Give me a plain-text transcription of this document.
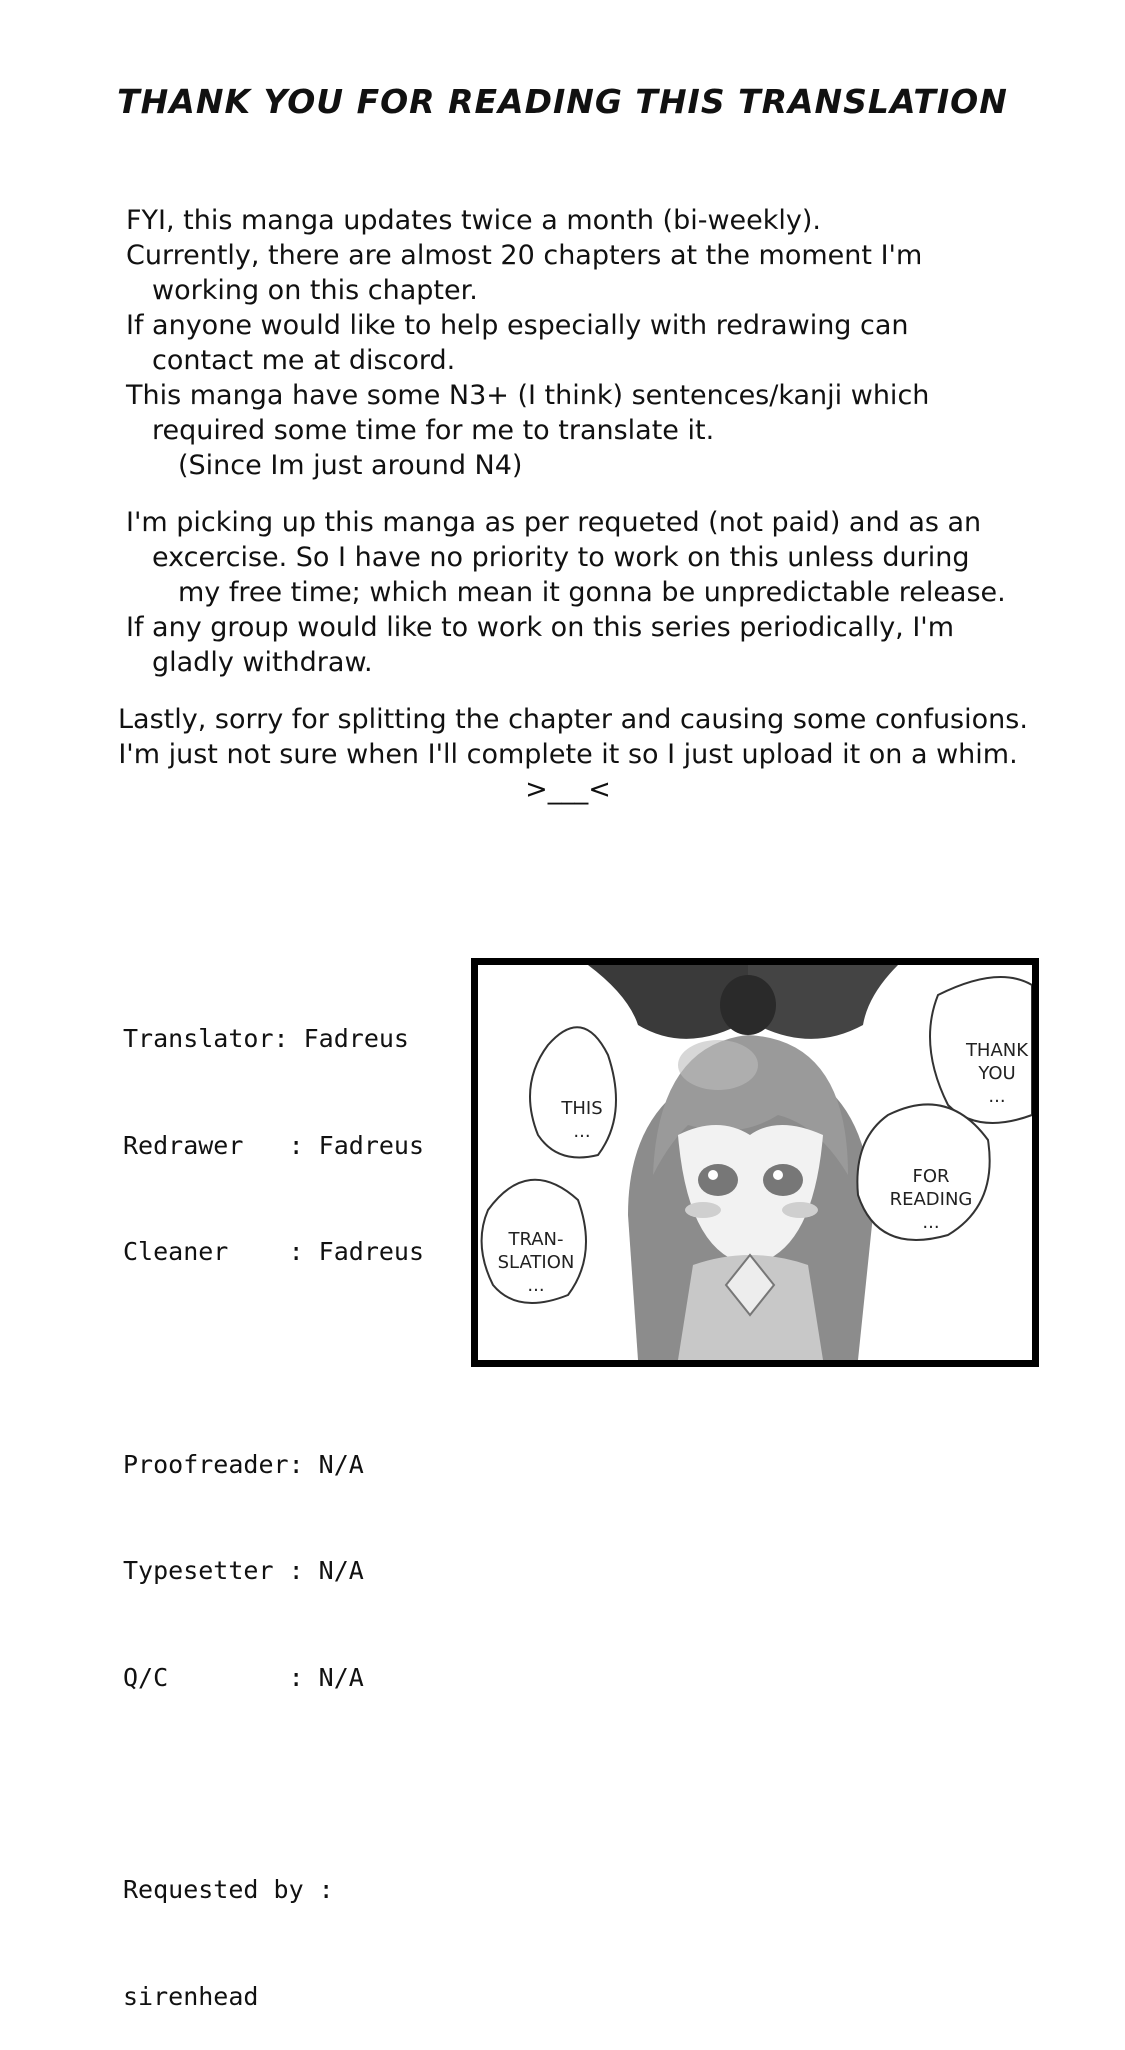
THANK YOU FOR READING THIS TRANSLATION
FYI, this manga updates twice a month (bi-weekly).
Currently, there are almost 20 chapters at the moment I'm
working on this chapter.
If anyone would like to help especially with redrawing can
contact me at discord.
This manga have some N3+ (I think) sentences/kanji which
required some time for me to translate it.
(Since Im just around N4)
I'm picking up this manga as per requeted (not paid) and as an
excercise. So I have no priority to work on this unless during
my free time; which mean it gonna be unpredictable release.
If any group would like to work on this series periodically, I'm
gladly withdraw.
Lastly, sorry for splitting the chapter and causing some confusions.
I'm just not sure when I'll complete it so I just upload it on a whim.
>___<

Translator: Fadreus

Redrawer   : Fadreus

Cleaner    : Fadreus

Proofreader: N/A

Typesetter : N/A

Q/C        : N/A

Requested by :

sirenhead

THIS
...
TRAN-
SLATION
...
THANK
YOU
...
FOR
READING
...
